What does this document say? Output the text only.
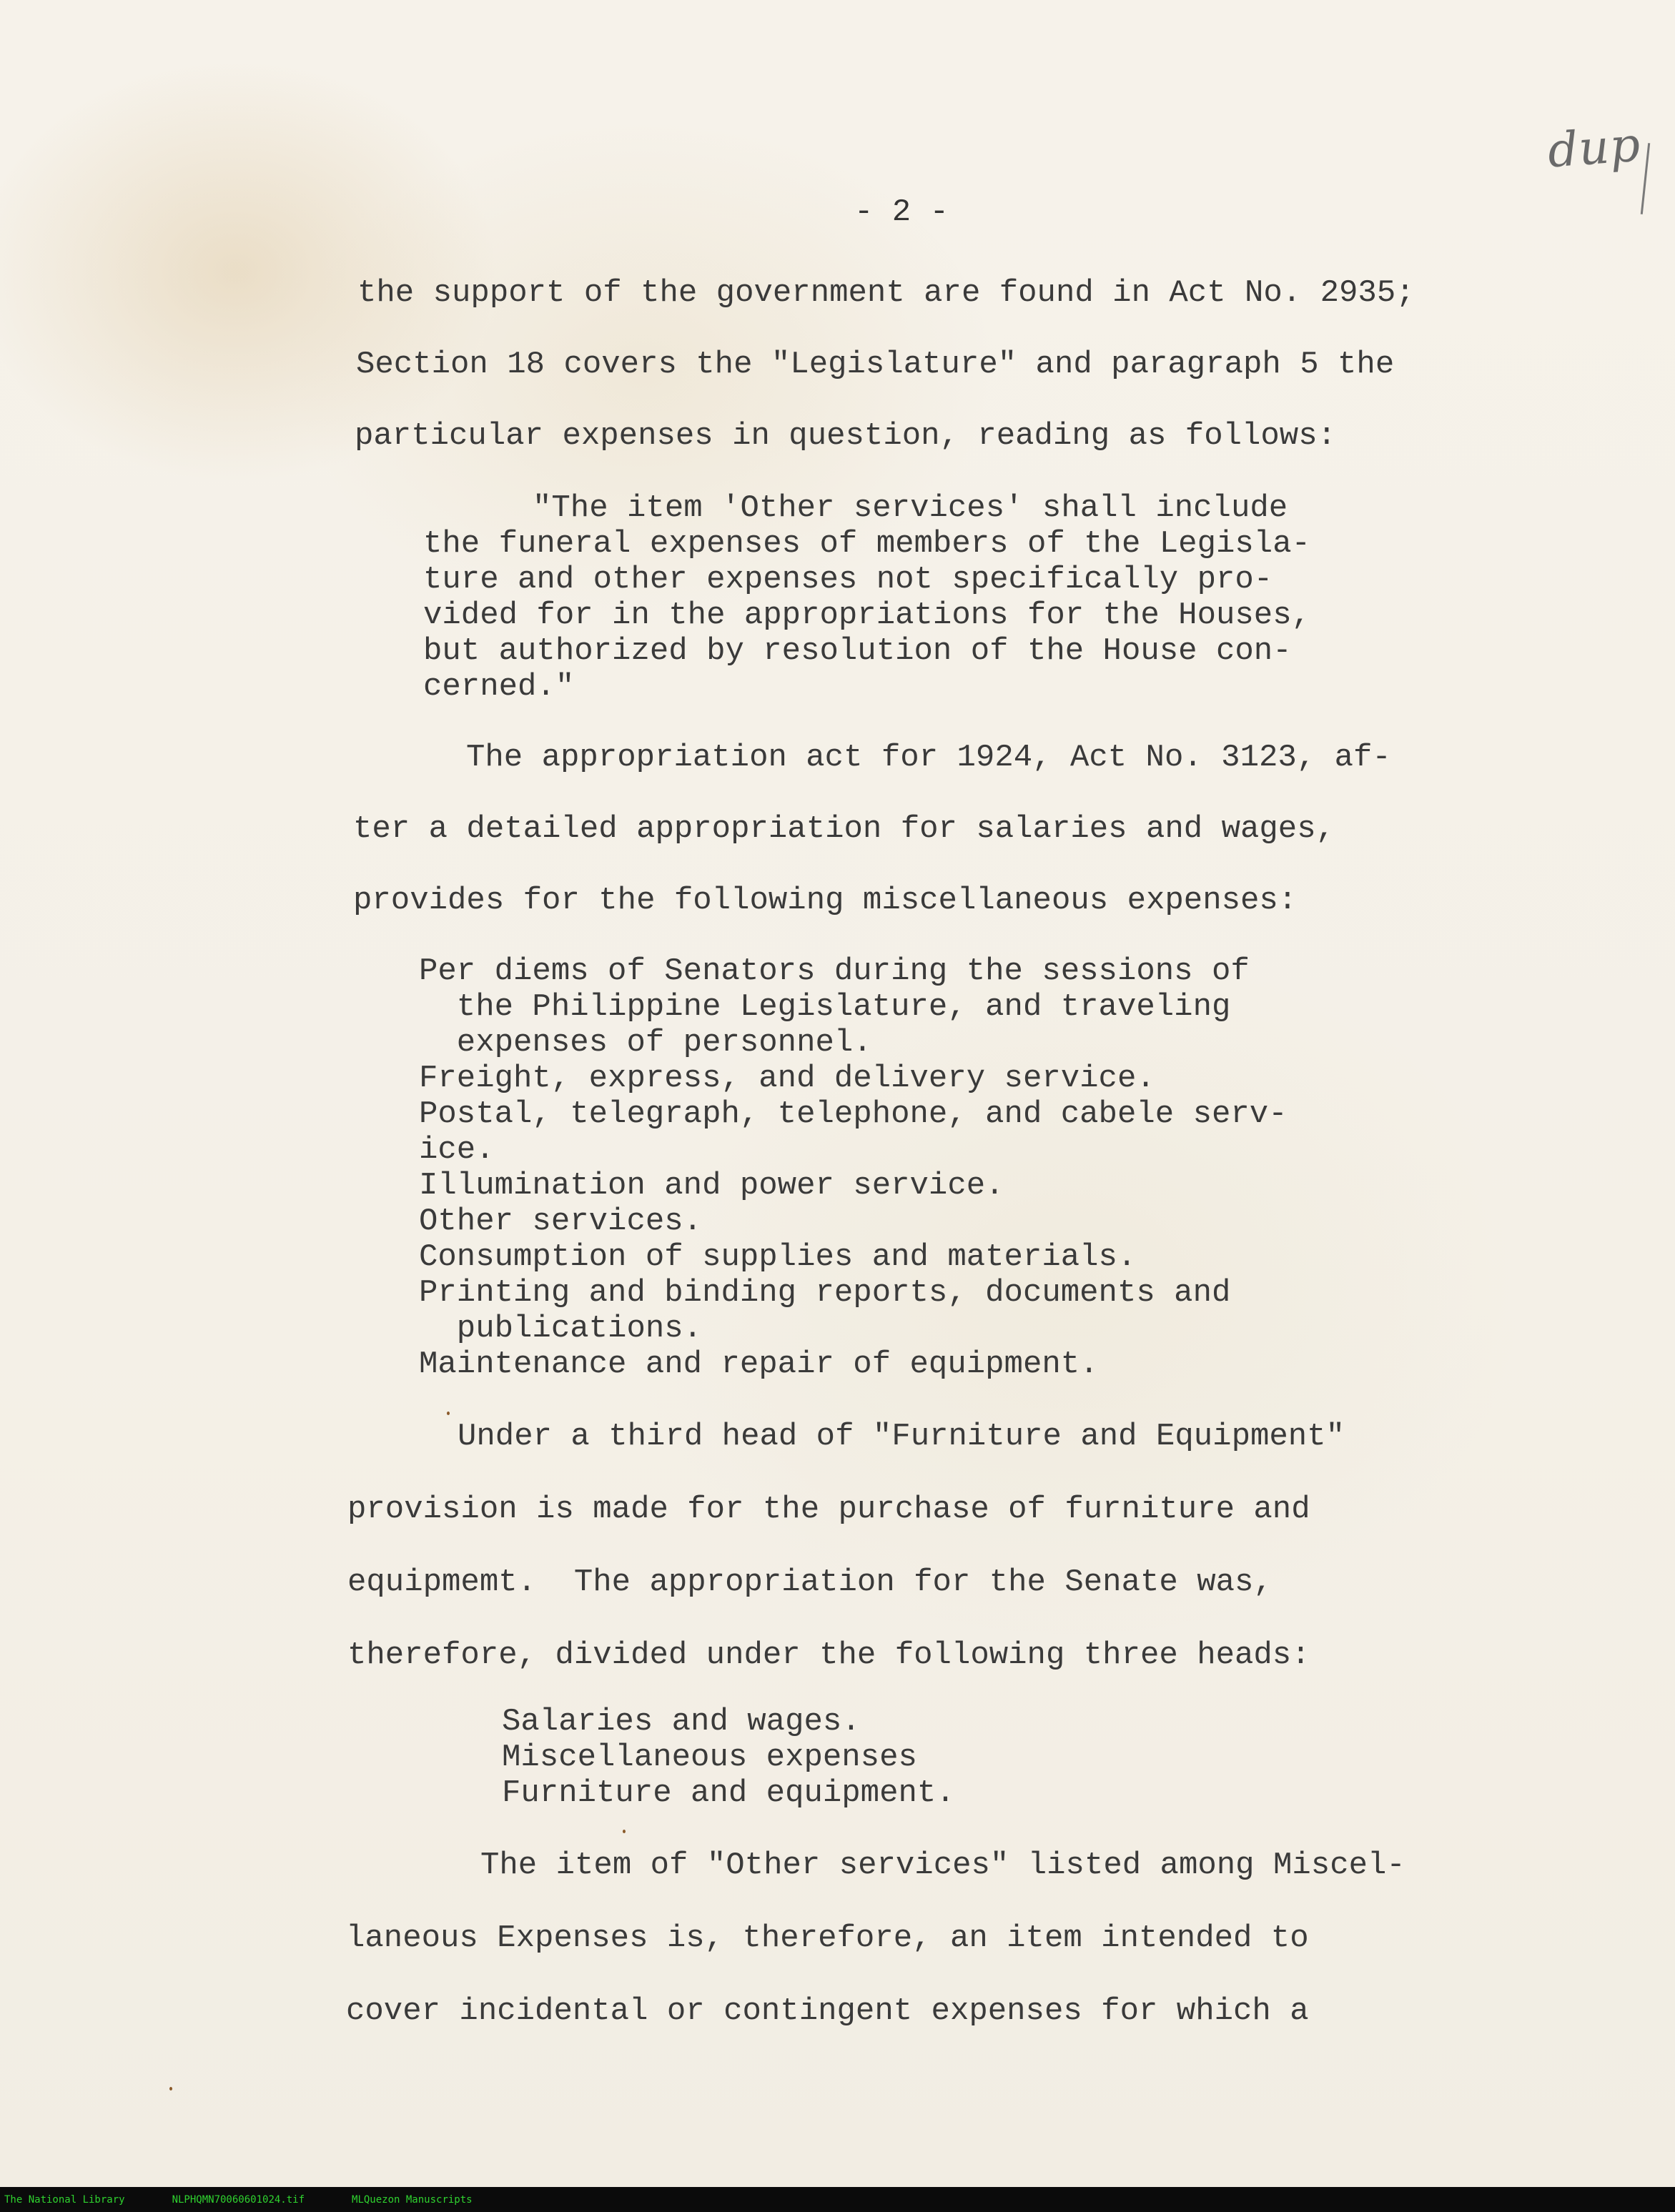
dup
- 2 -
the support of the government are found in Act No. 2935;
Section 18 covers the "Legislature" and paragraph 5 the
particular expenses in question, reading as follows:
"The item 'Other services' shall include
the funeral expenses of members of the Legisla-
ture and other expenses not specifically pro-
vided for in the appropriations for the Houses,
but authorized by resolution of the House con-
cerned."
The appropriation act for 1924, Act No. 3123, af-
ter a detailed appropriation for salaries and wages,
provides for the following miscellaneous expenses:
Per diems of Senators during the sessions of
the Philippine Legislature, and traveling
expenses of personnel.
Freight, express, and delivery service.
Postal, telegraph, telephone, and cabele serv-
ice.
Illumination and power service.
Other services.
Consumption of supplies and materials.
Printing and binding reports, documents and
publications.
Maintenance and repair of equipment.
Under a third head of "Furniture and Equipment"
provision is made for the purchase of furniture and
equipmemt.  The appropriation for the Senate was,
therefore, divided under the following three heads:
Salaries and wages.
Miscellaneous expenses
Furniture and equipment.
The item of "Other services" listed among Miscel-
laneous Expenses is, therefore, an item intended to
cover incidental or contingent expenses for which a
The National Library	NLPHQMN70060601024.tif	MLQuezon Manuscripts
